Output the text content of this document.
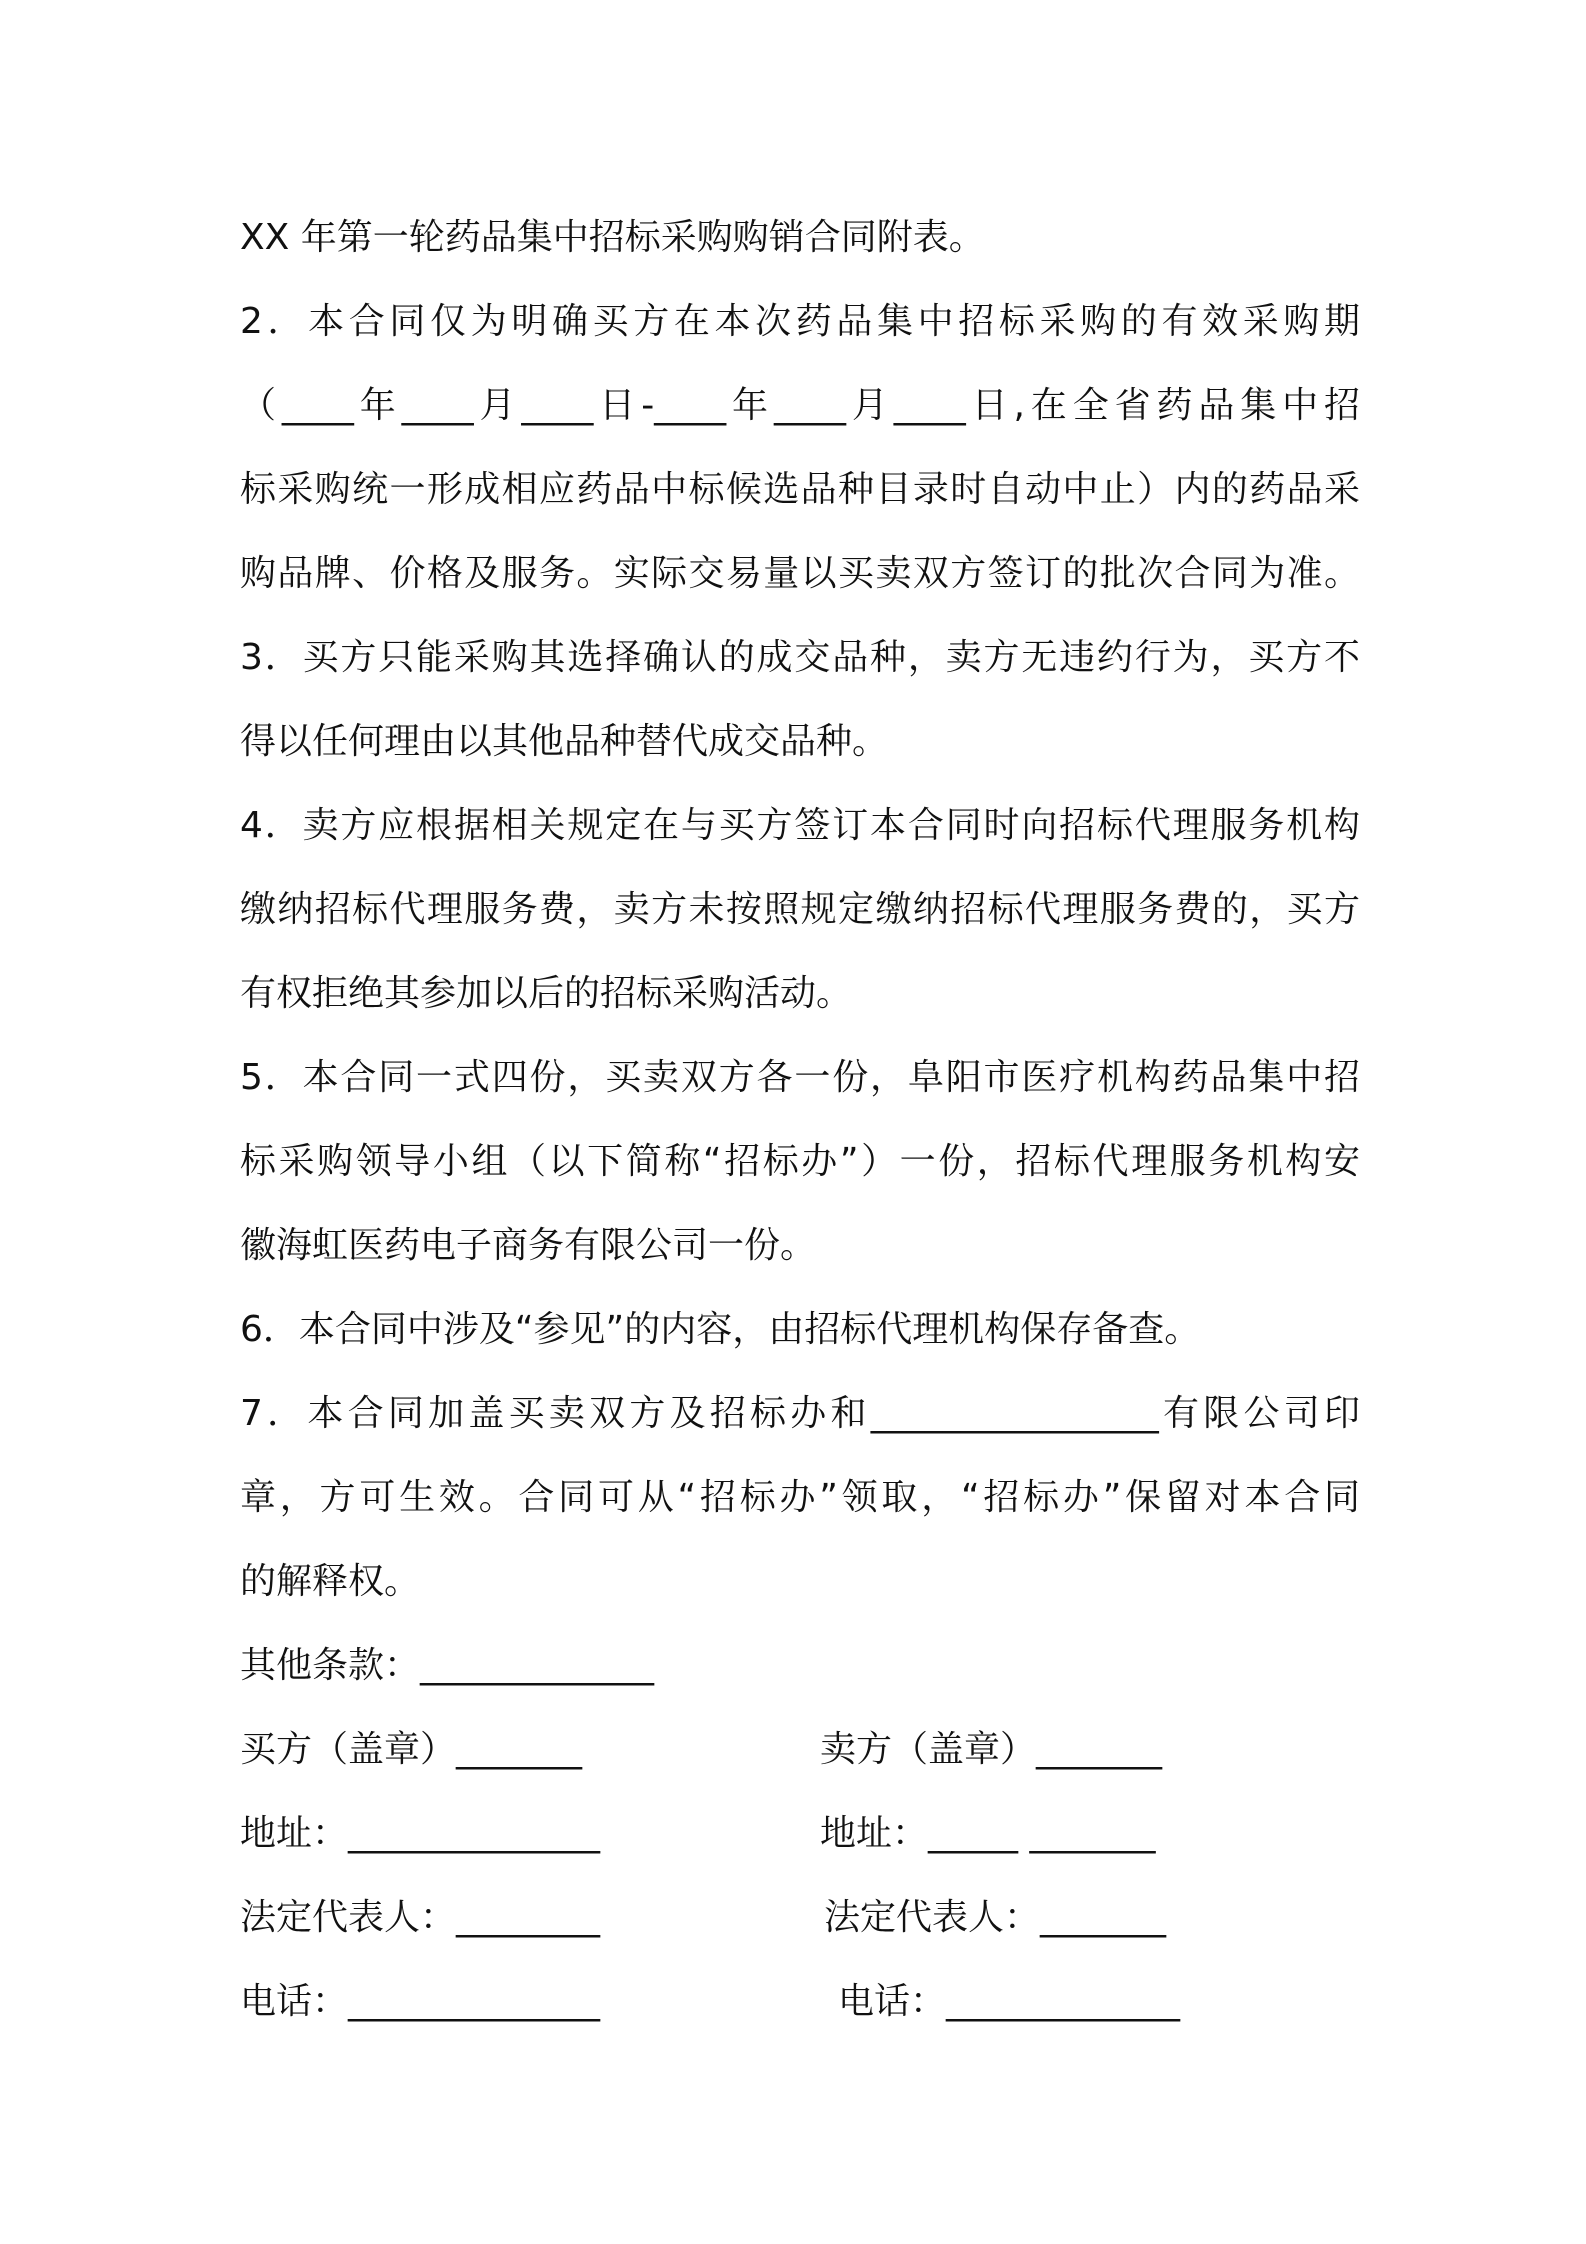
XX 年第一轮药品集中招标采购购销合同附表。
2．本合同仅为明确买方在本次药品集中招标采购的有效采购期
（____年____月____日-____年____月____日,在全省药品集中招
标采购统一形成相应药品中标候选品种目录时自动中止）内的药品采
购品牌、价格及服务。实际交易量以买卖双方签订的批次合同为准。
3．买方只能采购其选择确认的成交品种，卖方无违约行为，买方不
得以任何理由以其他品种替代成交品种。
4．卖方应根据相关规定在与买方签订本合同时向招标代理服务机构
缴纳招标代理服务费，卖方未按照规定缴纳招标代理服务费的，买方
有权拒绝其参加以后的招标采购活动。
5．本合同一式四份，买卖双方各一份，阜阳市医疗机构药品集中招
标采购领导小组（以下简称“招标办”）一份，招标代理服务机构安
徽海虹医药电子商务有限公司一份。
6．本合同中涉及“参见”的内容，由招标代理机构保存备查。
7．本合同加盖买卖双方及招标办和________________有限公司印
章，方可生效。合同可从“招标办”领取，“招标办”保留对本合同
的解释权。
其他条款：_____________
买方（盖章）_______	卖方（盖章）_______
地址：______________	地址：_____ _______
法定代表人：________	法定代表人：_______
电话：______________	电话：_____________
